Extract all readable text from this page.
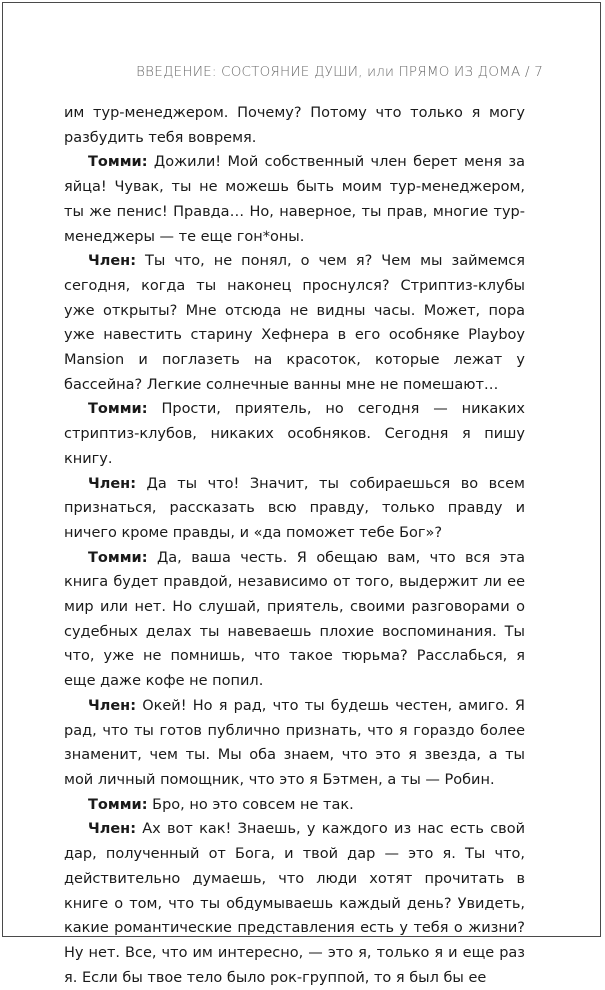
ВВЕДЕНИЕ: СОСТОЯНИЕ ДУШИ, или ПРЯМО ИЗ ДОМА / 7

им тур-менеджером. Почему? Потому что только я могу разбудить тебя вовремя.

Томми: Дожили! Мой собственный член берет меня за яйца! Чувак, ты не можешь быть моим тур-менеджером, ты же пенис! Правда… Но, наверное, ты прав, многие тур-менеджеры — те еще гон*оны.

Член: Ты что, не понял, о чем я? Чем мы займемся сегодня, когда ты наконец проснулся? Стриптиз-клубы уже открыты? Мне отсюда не видны часы. Может, пора уже навестить старину Хефнера в его особняке Playboy Mansion и поглазеть на красоток, которые лежат у бассейна? Легкие солнечные ванны мне не помешают…

Томми: Прости, приятель, но сегодня — никаких стриптиз-клубов, никаких особняков. Сегодня я пишу книгу.

Член: Да ты что! Значит, ты собираешься во всем признаться, рассказать всю правду, только правду и ничего кроме правды, и «да поможет тебе Бог»?

Томми: Да, ваша честь. Я обещаю вам, что вся эта книга будет правдой, независимо от того, выдержит ли ее мир или нет. Но слушай, приятель, своими разговорами о судебных делах ты навеваешь плохие воспоминания. Ты что, уже не помнишь, что такое тюрьма? Расслабься, я еще даже кофе не попил.

Член: Окей! Но я рад, что ты будешь честен, амиго. Я рад, что ты готов публично признать, что я гораздо более знаменит, чем ты. Мы оба знаем, что это я звезда, а ты мой личный помощник, что это я Бэтмен, а ты — Робин.

Томми: Бро, но это совсем не так.

Член: Ах вот как! Знаешь, у каждого из нас есть свой дар, полученный от Бога, и твой дар — это я. Ты что, действительно думаешь, что люди хотят прочитать в книге о том, что ты обдумываешь каждый день? Увидеть, какие романтические представления есть у тебя о жизни? Ну нет. Все, что им интересно, — это я, только я и еще раз я. Если бы твое тело было рок-группой, то я был бы ее
